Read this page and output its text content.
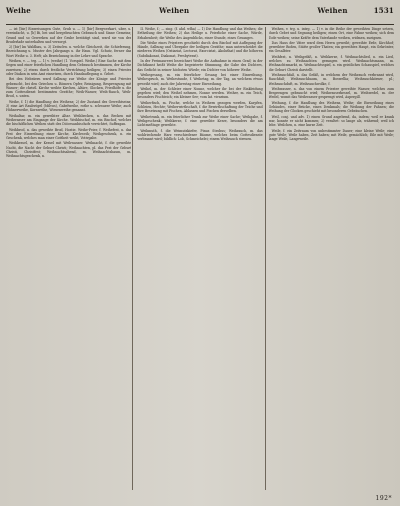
Weihe	Weihen	Weihen	1531

— ist [bie] Einweisungen Gute, Grub u. — 1) [bir] Bergwerkart, uber, u. vereinfacht, u. [b] Bi, bei und hergebrachten Gebrauch und Sinne Gemeins; Grund und so Gewerken auf der Grube bestätigt sind, ward sie von der Bruderlade unterhalten und versorgt.

2) [bir] Im Waldbau, u. 3) Zeitschw. u. welche Gleichzeit, die Schieferung, Bezeichnung u. Muster des Jahrgangs u. ihr Haus. Vgl. Schutz, ferner das Wort Weihe u. 3. Heft; als Bezeichnung in der Lehre und Sprache.

Weihen, v. — trg. — 1) v. (weihe) (1. Vorspiel. Weihe.) Eine Sache mit dem Segen und einer feierlichen Handlung dem Gebrauch bestimmen, der Kirche zuweisen; 2) etwas durch festliche Verrichtung heiligen; 3) einen Priester oder Diakon in sein Amt einsetzen, durch Handauflegung u. Gebet.

Bei den Hebräern ward Salbung zur Weihe der Könige und Priester gebraucht, bei den Griechen u. Römern Opfer, Reinigung, Besprengung mit Wasser; die christl. Kirche weihte Kirchen, Altäre, Glocken, Friedhöfe u. die zum Gottesdienst bestimmten Geräthe; Weih-Wasser, Weih-Rauch, Weih-Brod, s. unten.

Weihe, f. 1) die Handlung des Weihens; 2) der Zustand des Geweihtseins; 3) eine Art Raubvögel (Milvus), Gabelweihe, rothe u. schwarze Weihe; auch Hühnerweihe, Kornweihe, Wiesenweihe genannt.

Weihaltar, m. ein geweihter Altar. Weihbecken, n. das Becken mit Weihwasser am Eingange der Kirche. Weihbischof, m. ein Bischof, welcher die bischöflichen Weihen statt des Diöcesanbischofs verrichtet, Suffragan.

Weihbrod, n. das geweihte Brod, Hostie. Weihe-Feier, f. Weihefest, n. das Fest der Einweihung einer Kirche, Kirchweih; Weihgeschenk, n. ein Geschenk, welches man einer Gottheit weiht, Votivgabe.

Weihkessel, m. der Kessel mit Weihwasser. Weihnacht, f. die geweihte Nacht, die Nacht der Geburt Christi; Weihnachten, pl. das Fest der Geburt Christi, Christfest; Weihnachtsabend, m. Weihnachtsbaum, m. Weihnachtsgeschenk, n.

II. Weihe, f.; — sing. (f. ahd. wîha) — 1) Die Handlung und das Weihen; die Ertheilung der Weihen; 2) das Heilige u. Feierliche einer Sache, Würde, Erhabenheit; die Weihe des Augenblicks, einer Stunde, eines Gesanges.

Die Weihe eines Priesters geschieht durch den Bischof mit Auflegung der Hände, Salbung und Übergabe der heiligen Geräthe; man unterscheidet die niederen Weihen (Ostiariat, Lectorat, Exorcistat, Akoluthat) und die höheren (Subdiakonat, Diakonat, Presbyterat).

In der Freimaurerei bezeichnet Weihe die Aufnahme in einen Grad; in der Dichtkunst heißt Weihe die begeisterte Stimmung, die Gabe des Dichters, das Gedicht in seiner höchsten Würde; ein Dichter von höherer Weihe.

Weihegesang, m. ein feierlicher Gesang bei einer Einweihung. Weihespruch, m. Weihestunde, f. Weihetag, m. der Tag, an welchem etwas geweiht wird; auch der Jahrestag einer Einweihung.

Weihel, m. der Schleier einer Nonne, welcher ihr bei der Einkleidung gegeben wird; den Weihel nehmen, Nonne werden. Weiher, m. ein Teich, besonders Fischteich; ein kleiner See; vom lat. vivarium.

Weiherfisch, m. Fische, welche in Weihern gezogen werden, Karpfen, Schleien, Hechte; Weiherwirthschaft, f. die Bewirthschaftung der Teiche und ihre Besetzung mit Fischen, Ablassen und Fischen derselben.

Weihetrunk, m. ein feierlicher Trunk zur Weihe einer Sache; Weihgabe, f. Weihgeschenk; Weihkerze, f. eine geweihte Kerze, besonders die am Lichtmeßtage geweihte.

Weihmuth, f. die Weimutskiefer, Pinus Strobus; Weihrauch, m. das wohlriechende Harz verschiedener Bäume, welches beim Gottesdienste verbrannt wird; bildlich: Lob, Schmeichelei; einem Weihrauch streuen.

Weihen, v. trg. u. intrg. — 1) v. in die Reihe der geweihten Dinge setzen, durch Gebet und Segnung heiligen; einen Ort, eine Fahne weihen; sich dem Tode weihen; seine Kräfte dem Vaterlande weihen, widmen, zueignen.

Das Haus der Väter ward dem Herrn geweiht; geweihte Erde, Kirchhof; geweihter Boden, Stätte großer Thaten; ein geweihtes Haupt, ein Gekrönter, ein Gesalbter.

Weihfest, n. Weihgefäß, n. Weihkerze, f. Weihnachtslied, n. ein Lied, welches zu Weihnachten gesungen wird. Weihnachtsmann, m. Weihnachtsmarkt, m. Weihnachtsspiel, n. ein geistliches Schauspiel, welches die Geburt Christi darstellt.

Weihrauchfaß, n. das Gefäß, in welchem der Weihrauch verbrannt wird, Rauchfaß; Weihrauchbaum, m. Boswellia; Weihrauchkörner, pl.; Weihrauchduft, m. Weihrauchwolke, f.

Weihwasser, n. das von einem Priester geweihte Wasser, welches zum Besprengen gebraucht wird; Weihwasserkessel, m. Weihwedel, m. der Wedel, womit das Weihwasser gesprengt wird, Aspergill.

Weihung, f. die Handlung des Weihens, Weihe; die Einweihung eines Gebäudes, einer Brücke, eines Denkmals; die Weihung der Fahnen; die Weihung der Glocken geschieht mit besonderen Gebräuchen.

Weil, conj. und adv. 1) einen Grund angebend, da, indem; weil er krank war, konnte er nicht kommen; 2) veraltet: so lange als, während; weil ich lebe. Weilchen, n. eine kurze Zeit.

Weile, f. ein Zeitraum von unbestimmter Dauer; eine kleine Weile; eine gute Weile; Weile haben, Zeit haben; mit Weile, gemächlich; Eile mit Weile; lange Weile, Langeweile.

192*
